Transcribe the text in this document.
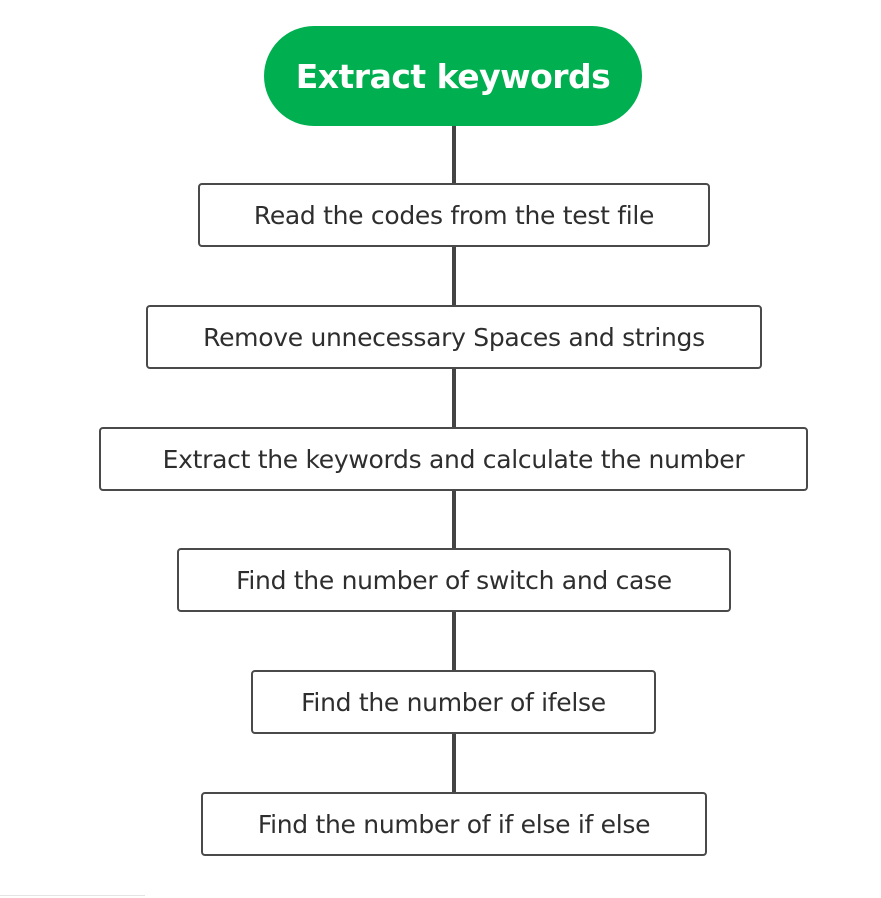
Extract keywords
Read the codes from the test file
Remove unnecessary Spaces and strings
Extract the keywords and calculate the number
Find the number of switch and case
Find the number of ifelse
Find the number of if else if else
